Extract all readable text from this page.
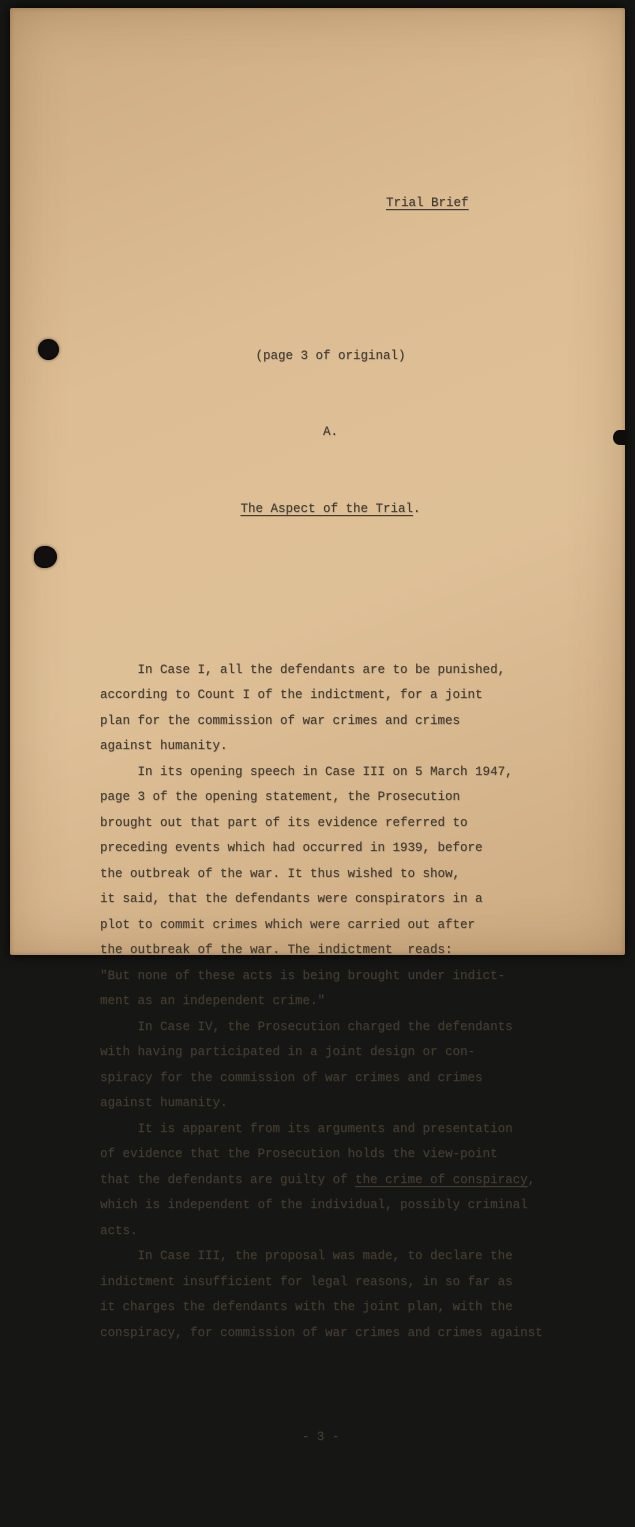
Trial Brief

(page 3 of original)

A.

The Aspect of the Trial.

In Case I, all the defendants are to be punished,
according to Count I of the indictment, for a joint
plan for the commission of war crimes and crimes
against humanity.
In its opening speech in Case III on 5 March 1947,
page 3 of the opening statement, the Prosecution
brought out that part of its evidence referred to
preceding events which had occurred in 1939, before
the outbreak of the war. It thus wished to show,
it said, that the defendants were conspirators in a
plot to commit crimes which were carried out after
the outbreak of the war. The indictment  reads:
"But none of these acts is being brought under indict-
ment as an independent crime."
In Case IV, the Prosecution charged the defendants
with having participated in a joint design or con-
spiracy for the commission of war crimes and crimes
against humanity.
It is apparent from its arguments and presentation
of evidence that the Prosecution holds the view-point
that the defendants are guilty of the crime of conspiracy,
which is independent of the individual, possibly criminal
acts.
In Case III, the proposal was made, to declare the
indictment insufficient for legal reasons, in so far as
it charges the defendants with the joint plan, with the
conspiracy, for commission of war crimes and crimes against

- 3 -
